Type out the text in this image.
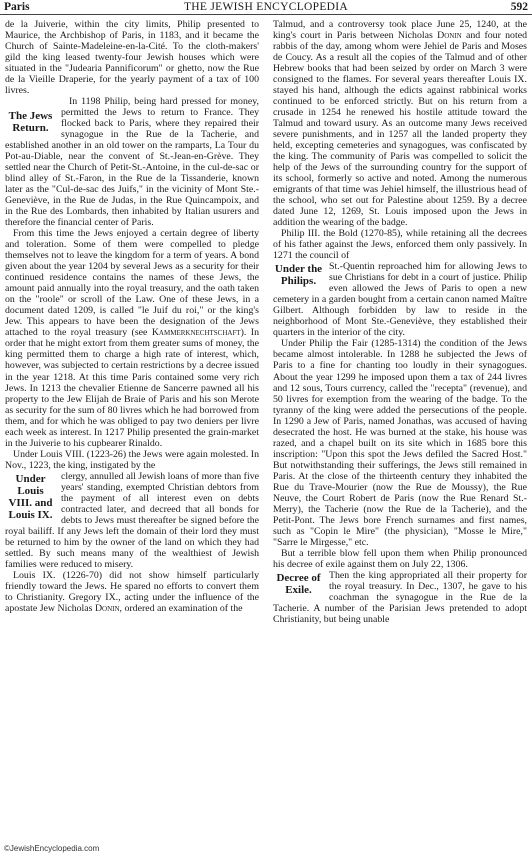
Paris	THE JEWISH ENCYCLOPEDIA	592

de la Juiverie, within the city limits, Philip presented to Maurice, the Archbishop of Paris, in 1183, and it became the Church of Sainte-Madeleine-en-la-Cité. To the cloth-makers' gild the king leased twenty-four Jewish houses which were situated in the "Judearia Pannificorum" or ghetto, now the Rue de la Vieille Draperie, for the yearly payment of a tax of 100 livres.

The Jews Return.

In 1198 Philip, being hard pressed for money, permitted the Jews to return to France. They flocked back to Paris, where they repaired their synagogue in the Rue de la Tacherie, and established another in an old tower on the ramparts, La Tour du Pot-au-Diable, near the convent of St.-Jean-en-Grève. They settled near the Church of Petit-St.-Antoine, in the cul-de-sac or blind alley of St.-Faron, in the Rue de la Tissanderie, known later as the "Cul-de-sac des Juifs," in the vicinity of Mont Ste.-Geneviève, in the Rue de Judas, in the Rue Quincampoix, and in the Rue des Lombards, then inhabited by Italian usurers and therefore the financial center of Paris.

From this time the Jews enjoyed a certain degree of liberty and toleration. Some of them were compelled to pledge themselves not to leave the kingdom for a term of years. A bond given about the year 1204 by several Jews as a security for their continued residence contains the names of these Jews, the amount paid annually into the royal treasury, and the oath taken on the "roole" or scroll of the Law. One of these Jews, in a document dated 1209, is called "le Juif du roi," or the king's Jew. This appears to have been the designation of the Jews attached to the royal treasury (see Kammerknechtschaft). In order that he might extort from them greater sums of money, the king permitted them to charge a high rate of interest, which, however, was subjected to certain restrictions by a decree issued in the year 1218. At this time Paris contained some very rich Jews. In 1213 the chevalier Etienne de Sancerre pawned all his property to the Jew Elijah de Braie of Paris and his son Merote as security for the sum of 80 livres which he had borrowed from them, and for which he was obliged to pay two deniers per livre each week as interest. In 1217 Philip presented the grain-market in the Juiverie to his cupbearer Rinaldo.

Under Louis VIII. (1223-26) the Jews were again molested. In Nov., 1223, the king, instigated by the

Under Louis VIII. and Louis IX.

clergy, annulled all Jewish loans of more than five years' standing, exempted Christian debtors from the payment of all interest even on debts contracted later, and decreed that all bonds for debts to Jews must thereafter be signed before the royal bailiff. If any Jews left the domain of their lord they must be returned to him by the owner of the land on which they had settled. By such means many of the wealthiest of Jewish families were reduced to misery.

Louis IX. (1226-70) did not show himself particularly friendly toward the Jews. He spared no efforts to convert them to Christianity. Gregory IX., acting under the influence of the apostate Jew Nicholas Donin, ordered an examination of the

Talmud, and a controversy took place June 25, 1240, at the king's court in Paris between Nicholas Donin and four noted rabbis of the day, among whom were Jehiel de Paris and Moses de Coucy. As a result all the copies of the Talmud and of other Hebrew books that had been seized by order on March 3 were consigned to the flames. For several years thereafter Louis IX. stayed his hand, although the edicts against rabbinical works continued to be enforced strictly. But on his return from a crusade in 1254 he renewed his hostile attitude toward the Talmud and toward usury. As an outcome many Jews received severe punishments, and in 1257 all the landed property they held, excepting cemeteries and synagogues, was confiscated by the king. The community of Paris was compelled to solicit the help of the Jews of the surrounding country for the support of its school, formerly so active and noted. Among the numerous emigrants of that time was Jehiel himself, the illustrious head of the school, who set out for Palestine about 1259. By a decree dated June 12, 1269, St. Louis imposed upon the Jews in addition the wearing of the badge.

Philip III. the Bold (1270-85), while retaining all the decrees of his father against the Jews, enforced them only passively. In 1271 the council of

Under the Philips.

St.-Quentin reproached him for allowing Jews to sue Christians for debt in a court of justice. Philip even allowed the Jews of Paris to open a new cemetery in a garden bought from a certain canon named Maître Gilbert. Although forbidden by law to reside in the neighborhood of Mont Ste.-Geneviève, they established their quarters in the interior of the city.

Under Philip the Fair (1285-1314) the condition of the Jews became almost intolerable. In 1288 he subjected the Jews of Paris to a fine for chanting too loudly in their synagogues. About the year 1299 he imposed upon them a tax of 244 livres and 12 sous, Tours currency, called the "recepta" (revenue), and 50 livres for exemption from the wearing of the badge. To the tyranny of the king were added the persecutions of the people. In 1290 a Jew of Paris, named Jonathas, was accused of having desecrated the host. He was burned at the stake, his house was razed, and a chapel built on its site which in 1685 bore this inscription: "Upon this spot the Jews defiled the Sacred Host." But notwithstanding their sufferings, the Jews still remained in Paris. At the close of the thirteenth century they inhabited the Rue du Trave-Mourier (now the Rue de Moussy), the Rue Neuve, the Court Robert de Paris (now the Rue Renard St.-Merry), the Tacherie (now the Rue de la Tacherie), and the Petit-Pont. The Jews bore French surnames and first names, such as "Copin le Mire" (the physician), "Mosse le Mire," "Sarre le Mirgesse," etc.

But a terrible blow fell upon them when Philip pronounced his decree of exile against them on July 22, 1306.

Decree of Exile.

Then the king appropriated all their property for the royal treasury. In Dec., 1307, he gave to his coachman the synagogue in the Rue de la Tacherie. A number of the Parisian Jews pretended to adopt Christianity, but being unable

©JewishEncyclopedia.com
